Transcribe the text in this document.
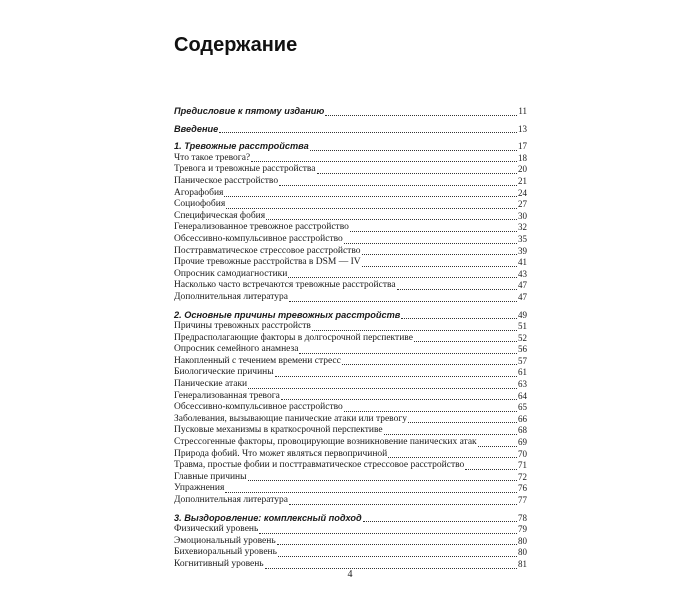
Содержание
Предисловие к пятому изданию	11
Введение	13
1. Тревожные расстройства	17
Что такое тревога?	18
Тревога и тревожные расстройства	20
Паническое расстройство	21
Агорафобия	24
Социофобия	27
Специфическая фобия	30
Генерализованное тревожное расстройство	32
Обсессивно-компульсивное расстройство	35
Посттравматическое стрессовое расстройство	39
Прочие тревожные расстройства в DSM — IV	41
Опросник самодиагностики	43
Насколько часто встречаются тревожные расстройства	47
Дополнительная литература	47
2. Основные причины тревожных расстройств	49
Причины тревожных расстройств	51
Предрасполагающие факторы в долгосрочной перспективе	52
Опросник семейного анамнеза	56
Накопленный с течением времени стресс	57
Биологические причины	61
Панические атаки	63
Генерализованная тревога	64
Обсессивно-компульсивное расстройство	65
Заболевания, вызывающие панические атаки или тревогу	66
Пусковые механизмы в краткосрочной перспективе	68
Стрессогенные факторы, провоцирующие возникновение панических атак	69
Природа фобий. Что может являться первопричиной	70
Травма, простые фобии и посттравматическое стрессовое расстройство	71
Главные причины	72
Упражнения	76
Дополнительная литература	77
3. Выздоровление: комплексный подход	78
Физический уровень	79
Эмоциональный уровень	80
Бихевиоральный уровень	80
Когнитивный уровень	81
4
